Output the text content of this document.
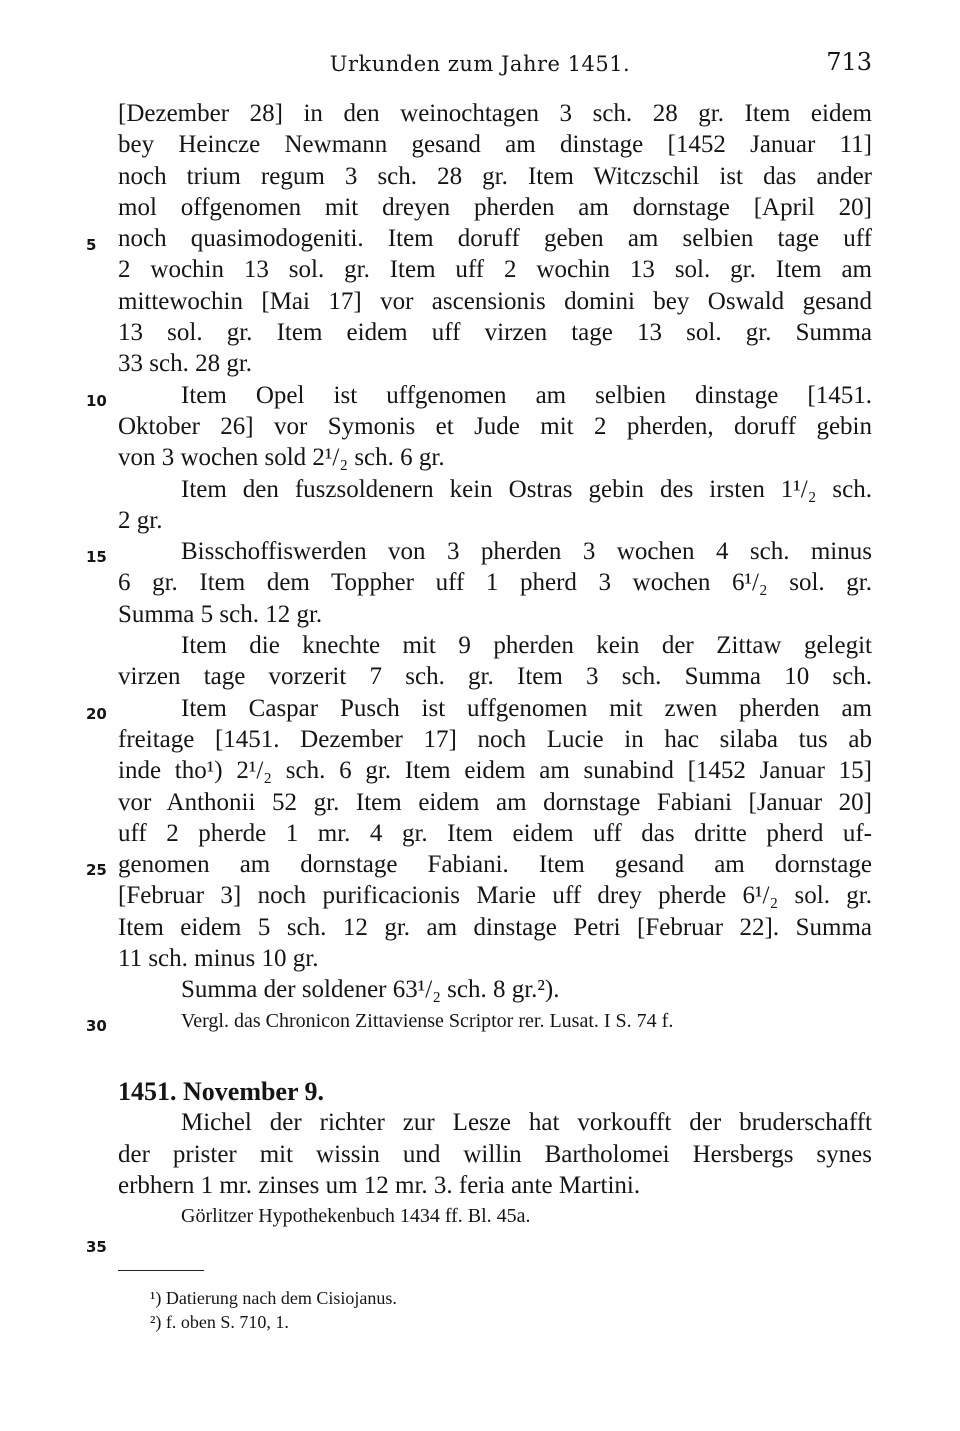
Urkunden zum Jahre 1451.	713
5
10
15
20
25
30
35
[Dezember 28] in den weinochtagen 3 sch. 28 gr. Item eidem
bey Heincze Newmann gesand am dinstage [1452 Januar 11]
noch trium regum 3 sch. 28 gr. Item Witczschil ist das ander
mol offgenomen mit dreyen pherden am dornstage [April 20]
noch quasimodogeniti. Item doruff geben am selbien tage uff
2 wochin 13 sol. gr. Item uff 2 wochin 13 sol. gr. Item am
mittewochin [Mai 17] vor ascensionis domini bey Oswald gesand
13 sol. gr. Item eidem uff virzen tage 13 sol. gr. Summa
33 sch. 28 gr.
Item Opel ist uffgenomen am selbien dinstage [1451.
Oktober 26] vor Symonis et Jude mit 2 pherden, doruff gebin
von 3 wochen sold 2¹/₂ sch. 6 gr.
Item den fuszsoldenern kein Ostras gebin des irsten 1¹/₂ sch.
2 gr.
Bisschoffiswerden von 3 pherden 3 wochen 4 sch. minus
6 gr. Item dem Toppher uff 1 pherd 3 wochen 6¹/₂ sol. gr.
Summa 5 sch. 12 gr.
Item die knechte mit 9 pherden kein der Zittaw gelegit
virzen tage vorzerit 7 sch. gr. Item 3 sch. Summa 10 sch.
Item Caspar Pusch ist uffgenomen mit zwen pherden am
freitage [1451. Dezember 17] noch Lucie in hac silaba tus ab
inde tho¹) 2¹/₂ sch. 6 gr. Item eidem am sunabind [1452 Januar 15]
vor Anthonii 52 gr. Item eidem am dornstage Fabiani [Januar 20]
uff 2 pherde 1 mr. 4 gr. Item eidem uff das dritte pherd uf-
genomen am dornstage Fabiani. Item gesand am dornstage
[Februar 3] noch purificacionis Marie uff drey pherde 6¹/₂ sol. gr.
Item eidem 5 sch. 12 gr. am dinstage Petri [Februar 22]. Summa
11 sch. minus 10 gr.
Summa der soldener 63¹/₂ sch. 8 gr.²).
Vergl. das Chronicon Zittaviense Scriptor rer. Lusat. I S. 74 f.
1451. November 9.
Michel der richter zur Lesze hat vorkoufft der bruderschafft
der prister mit wissin und willin Bartholomei Hersbergs synes
erbhern 1 mr. zinses um 12 mr. 3. feria ante Martini.
Görlitzer Hypothekenbuch 1434 ff. Bl. 45a.
¹) Datierung nach dem Cisiojanus.
²) f. oben S. 710, 1.
